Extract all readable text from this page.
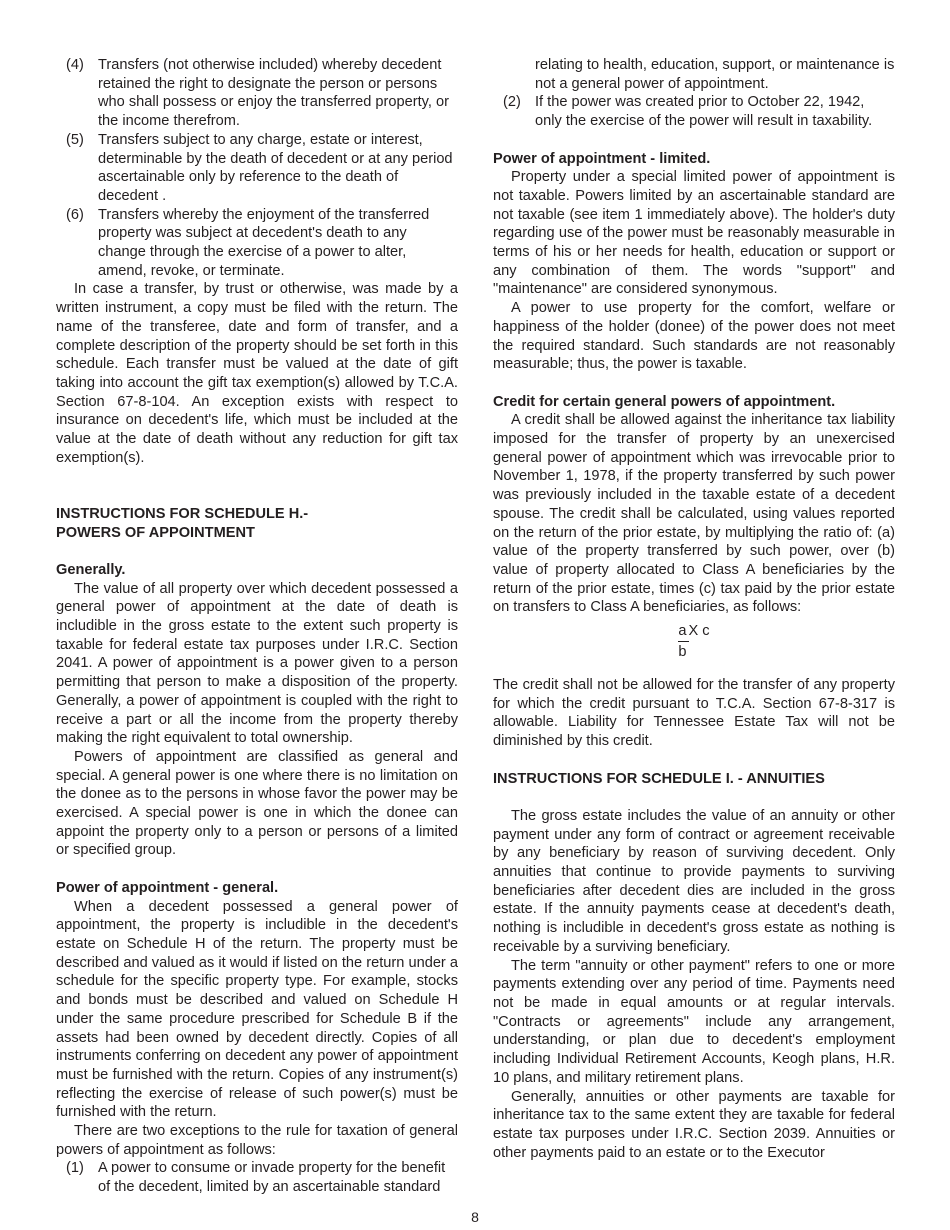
(4) Transfers (not otherwise included) whereby decedent retained the right to designate the person or persons who shall possess or enjoy the transferred property, or the income therefrom.
(5) Transfers subject to any charge, estate or interest, determinable by the death of decedent or at any period ascertainable only by reference to the death of decedent .
(6) Transfers whereby the enjoyment of the transferred property was subject at decedent's death to any change through the exercise of a power to alter, amend, revoke, or terminate.

In case a transfer, by trust or otherwise, was made by a written instrument, a copy must be filed with the return. The name of the transferee, date and form of transfer, and a complete description of the property should be set forth in this schedule. Each transfer must be valued at the date of gift taking into account the gift tax exemption(s) allowed by T.C.A. Section 67-8-104. An exception exists with respect to insurance on decedent's life, which must be included at the value at the date of death without any reduction for gift tax exemption(s).

INSTRUCTIONS FOR SCHEDULE H.-

POWERS OF APPOINTMENT

Generally.

The value of all property over which decedent possessed a general power of appointment at the date of death is includible in the gross estate to the extent such property is taxable for federal estate tax purposes under I.R.C. Section 2041. A power of appointment is a power given to a person permitting that person to make a disposition of the property. Generally, a power of appointment is coupled with the right to receive a part or all the income from the property thereby making the right equivalent to total ownership.

Powers of appointment are classified as general and special. A general power is one where there is no limitation on the donee as to the persons in whose favor the power may be exercised. A special power is one in which the donee can appoint the property only to a person or persons of a limited or specified group.

Power of appointment - general.

When a decedent possessed a general power of appointment, the property is includible in the decedent's estate on Schedule H of the return. The property must be described and valued as it would if listed on the return under a schedule for the specific property type. For example, stocks and bonds must be described and valued on Schedule H under the same procedure prescribed for Schedule B if the assets had been owned by decedent directly. Copies of all instruments conferring on decedent any power of appointment must be furnished with the return. Copies of any instrument(s) reflecting the exercise of release of such power(s) must be furnished with the return.

There are two exceptions to the rule for taxation of general powers of appointment as follows:

(1) A power to consume or invade property for the benefit of the decedent, limited by an ascertainable standard
relating to health, education, support, or maintenance is not a general power of appointment.
(2) If the power was created prior to October 22, 1942, only the exercise of the power will result in taxability.

Power of appointment - limited.

Property under a special limited power of appointment is not taxable. Powers limited by an ascertainable standard are not taxable (see item 1 immediately above). The holder's duty regarding use of the power must be reasonably measurable in terms of his or her needs for health, education or support or any combination of them. The words "support" and "maintenance" are considered synonymous.

A power to use property for the comfort, welfare or happiness of the holder (donee) of the power does not meet the required standard. Such standards are not reasonably measurable; thus, the power is taxable.

Credit for certain general powers of appointment.

A credit shall be allowed against the inheritance tax liability imposed for the transfer of property by an unexercised general power of appointment which was irrevocable prior to November 1, 1978, if the property transferred by such power was previously included in the taxable estate of a decedent spouse. The credit shall be calculated, using values reported on the return of the prior estate, by multiplying the ratio of: (a) value of the property transferred by such power, over (b) value of property allocated to Class A beneficiaries by the return of the prior estate, times (c) tax paid by the prior estate on transfers to Class A beneficiaries, as follows:

a X c
b

The credit shall not be allowed for the transfer of any property for which the credit pursuant to T.C.A. Section 67-8-317 is allowable. Liability for Tennessee Estate Tax will not be diminished by this credit.

INSTRUCTIONS FOR SCHEDULE I. - ANNUITIES

The gross estate includes the value of an annuity or other payment under any form of contract or agreement receivable by any beneficiary by reason of surviving decedent. Only annuities that continue to provide payments to surviving beneficiaries after decedent dies are included in the gross estate. If the annuity payments cease at decedent's death, nothing is includible in decedent's gross estate as nothing is receivable by a surviving beneficiary.

The term "annuity or other payment" refers to one or more payments extending over any period of time. Payments need not be made in equal amounts or at regular intervals. "Contracts or agreements" include any arrangement, understanding, or plan due to decedent's employment including Individual Retirement Accounts, Keogh plans, H.R. 10 plans, and military retirement plans.

Generally, annuities or other payments are taxable for inheritance tax to the same extent they are taxable for federal estate tax purposes under I.R.C. Section 2039. Annuities or other payments paid to an estate or to the Executor

8
